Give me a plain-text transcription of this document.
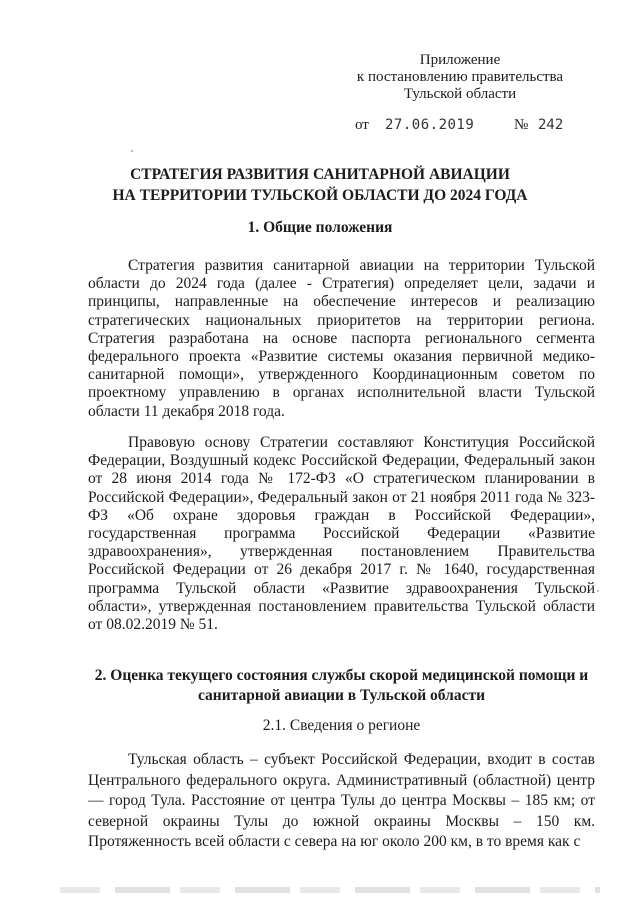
Приложение
к постановлению правительства
Тульской области
от 27.06.2019	№ 242
СТРАТЕГИЯ РАЗВИТИЯ САНИТАРНОЙ АВИАЦИИ
НА ТЕРРИТОРИИ ТУЛЬСКОЙ ОБЛАСТИ ДО 2024 ГОДА
1. Общие положения

Стратегия развития санитарной авиации на территории Тульской области до 2024 года (далее - Стратегия) определяет цели, задачи и принципы, направленные на обеспечение интересов и реализацию стратегических национальных приоритетов на территории региона. Стратегия разработана на основе паспорта регионального сегмента федерального проекта «Развитие системы оказания первичной медико-санитарной помощи», утвержденного Координационным советом по проектному управлению в органах исполнительной власти Тульской области 11 декабря 2018 года.

Правовую основу Стратегии составляют Конституция Российской Федерации, Воздушный кодекс Российской Федерации, Федеральный закон от 28 июня 2014 года № 172-ФЗ «О стратегическом планировании в Российской Федерации», Федеральный закон от 21 ноября 2011 года № 323-ФЗ «Об охране здоровья граждан в Российской Федерации», государственная программа Российской Федерации «Развитие здравоохранения», утвержденная постановлением Правительства Российской Федерации от 26 декабря 2017 г. № 1640, государственная программа Тульской области «Развитие здравоохранения Тульской области», утвержденная постановлением правительства Тульской области от 08.02.2019 № 51.

2. Оценка текущего состояния службы скорой медицинской помощи и
санитарной авиации в Тульской области
2.1. Сведения о регионе

Тульская область – субъект Российской Федерации, входит в состав Центрального федерального округа. Административный (областной) центр — город Тула. Расстояние от центра Тулы до центра Москвы – 185 км; от северной окраины Тулы до южной окраины Москвы – 150 км. Протяженность всей области с севера на юг около 200 км, в то время как с
